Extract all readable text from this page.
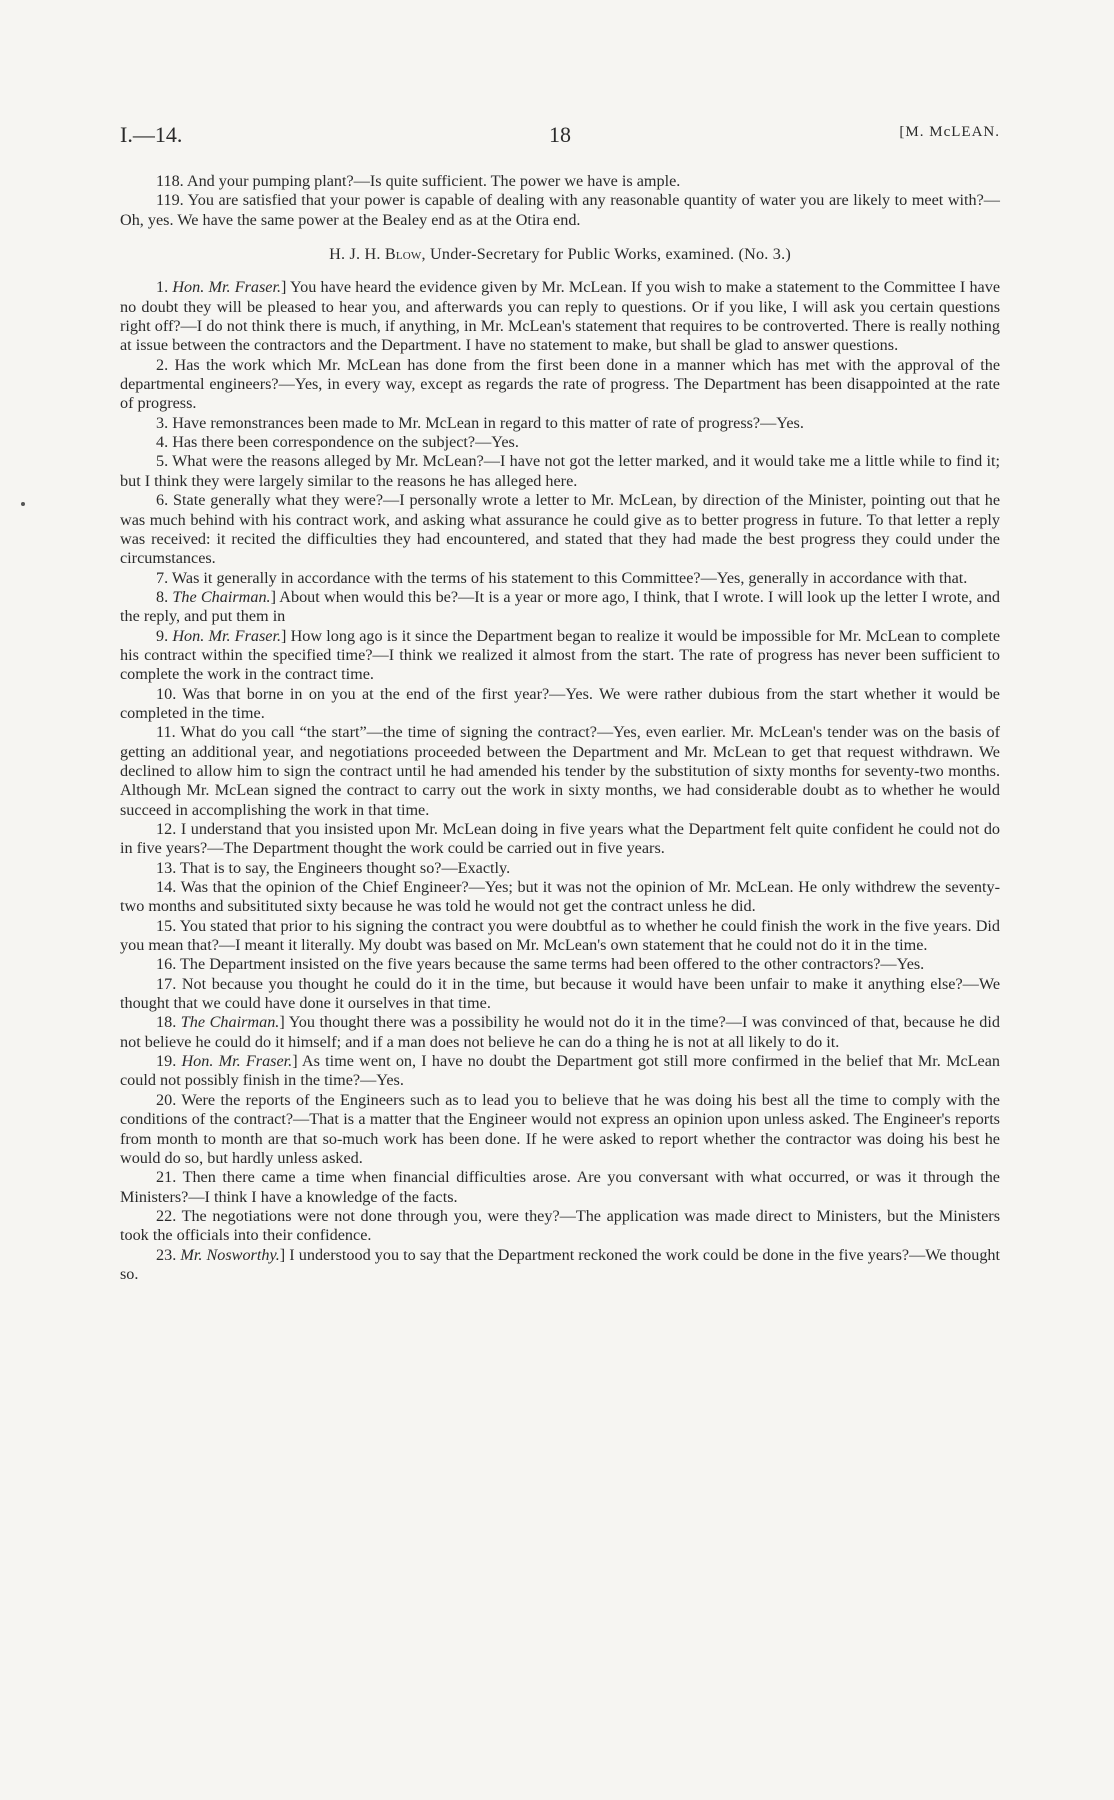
I.—14.	18	[M. McLEAN.

118. And your pumping plant?—Is quite sufficient. The power we have is ample.

119. You are satisfied that your power is capable of dealing with any reasonable quantity of water you are likely to meet with?—Oh, yes. We have the same power at the Bealey end as at the Otira end.

H. J. H. Blow, Under-Secretary for Public Works, examined. (No. 3.)

1. Hon. Mr. Fraser.] You have heard the evidence given by Mr. McLean. If you wish to make a statement to the Committee I have no doubt they will be pleased to hear you, and afterwards you can reply to questions. Or if you like, I will ask you certain questions right off?—I do not think there is much, if anything, in Mr. McLean's statement that requires to be controverted. There is really nothing at issue between the contractors and the Department. I have no statement to make, but shall be glad to answer questions.

2. Has the work which Mr. McLean has done from the first been done in a manner which has met with the approval of the departmental engineers?—Yes, in every way, except as regards the rate of progress. The Department has been disappointed at the rate of progress.

3. Have remonstrances been made to Mr. McLean in regard to this matter of rate of progress?—Yes.

4. Has there been correspondence on the subject?—Yes.

5. What were the reasons alleged by Mr. McLean?—I have not got the letter marked, and it would take me a little while to find it; but I think they were largely similar to the reasons he has alleged here.

6. State generally what they were?—I personally wrote a letter to Mr. McLean, by direction of the Minister, pointing out that he was much behind with his contract work, and asking what assurance he could give as to better progress in future. To that letter a reply was received: it recited the difficulties they had encountered, and stated that they had made the best progress they could under the circumstances.

7. Was it generally in accordance with the terms of his statement to this Committee?—Yes, generally in accordance with that.

8. The Chairman.] About when would this be?—It is a year or more ago, I think, that I wrote. I will look up the letter I wrote, and the reply, and put them in

9. Hon. Mr. Fraser.] How long ago is it since the Department began to realize it would be impossible for Mr. McLean to complete his contract within the specified time?—I think we realized it almost from the start. The rate of progress has never been sufficient to complete the work in the contract time.

10. Was that borne in on you at the end of the first year?—Yes. We were rather dubious from the start whether it would be completed in the time.

11. What do you call “the start”—the time of signing the contract?—Yes, even earlier. Mr. McLean's tender was on the basis of getting an additional year, and negotiations proceeded between the Department and Mr. McLean to get that request withdrawn. We declined to allow him to sign the contract until he had amended his tender by the substitution of sixty months for seventy-two months. Although Mr. McLean signed the contract to carry out the work in sixty months, we had considerable doubt as to whether he would succeed in accomplishing the work in that time.

12. I understand that you insisted upon Mr. McLean doing in five years what the Department felt quite confident he could not do in five years?—The Department thought the work could be carried out in five years.

13. That is to say, the Engineers thought so?—Exactly.

14. Was that the opinion of the Chief Engineer?—Yes; but it was not the opinion of Mr. McLean. He only withdrew the seventy-two months and subsitituted sixty because he was told he would not get the contract unless he did.

15. You stated that prior to his signing the contract you were doubtful as to whether he could finish the work in the five years. Did you mean that?—I meant it literally. My doubt was based on Mr. McLean's own statement that he could not do it in the time.

16. The Department insisted on the five years because the same terms had been offered to the other contractors?—Yes.

17. Not because you thought he could do it in the time, but because it would have been unfair to make it anything else?—We thought that we could have done it ourselves in that time.

18. The Chairman.] You thought there was a possibility he would not do it in the time?—I was convinced of that, because he did not believe he could do it himself; and if a man does not believe he can do a thing he is not at all likely to do it.

19. Hon. Mr. Fraser.] As time went on, I have no doubt the Department got still more confirmed in the belief that Mr. McLean could not possibly finish in the time?—Yes.

20. Were the reports of the Engineers such as to lead you to believe that he was doing his best all the time to comply with the conditions of the contract?—That is a matter that the Engineer would not express an opinion upon unless asked. The Engineer's reports from month to month are that so-much work has been done. If he were asked to report whether the contractor was doing his best he would do so, but hardly unless asked.

21. Then there came a time when financial difficulties arose. Are you conversant with what occurred, or was it through the Ministers?—I think I have a knowledge of the facts.

22. The negotiations were not done through you, were they?—The application was made direct to Ministers, but the Ministers took the officials into their confidence.

23. Mr. Nosworthy.] I understood you to say that the Department reckoned the work could be done in the five years?—We thought so.
